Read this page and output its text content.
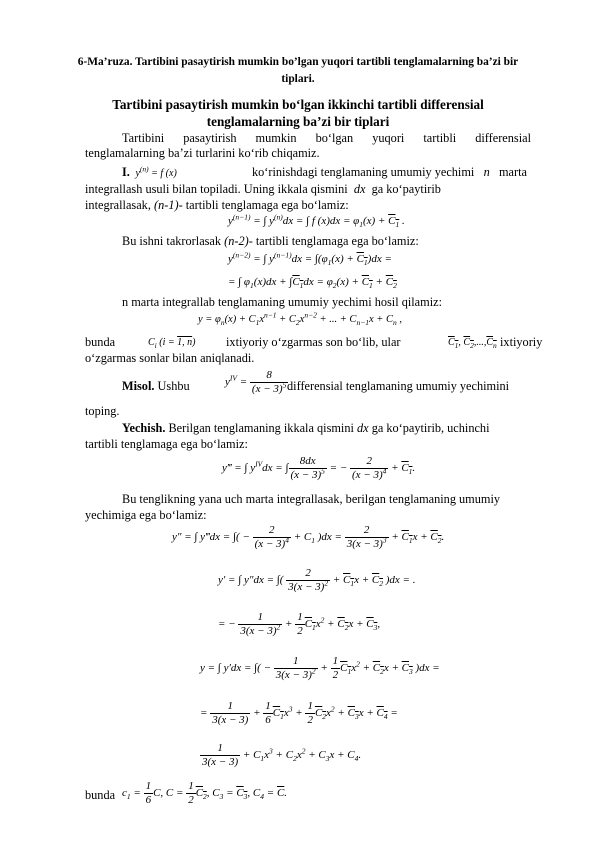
6-Ma’ruza. Tartibini pasaytirish mumkin bo’lgan yuqori tartibli tenglamalarning ba’zi bir
tiplari.
Tartibini pasaytirish mumkin bo‘lgan ikkinchi tartibli differensial
tenglamalarning ba’zi bir tiplari
Tartibini pasaytirish mumkin bo‘lgan yuqori tartibli differensial
tenglamalarning ba’zi turlarini ko‘rib chiqamiz.
I.  $y^{(n)} = f$ (x)	ko‘rinishdagi tenglamaning umumiy yechimi n marta
integrallash usuli bilan topiladi. Uning ikkala qismini dx ga ko‘paytirib
integrallasak, (n-1)- tartibli tenglamaga ega bo‘lamiz:
$y^{(n-1)}$ = ∫ $y^{(n)}dx$ = ∫ f $(x)dx = \varphi_1(x) + C_1$ .
Bu ishni takrorlasak (n-2)- tartibli tenglamaga ega bo‘lamiz:
$y^{(n-2)}$ = ∫ $y^{(n-1)}dx = \int(\varphi_1(x) + C_1)dx$ =
= ∫ $\varphi_1(x)dx + \int C_1dx = \varphi_2(x) + C_1 + C_2$
n marta integrallab tenglamaning umumiy yechimi hosil qilamiz:
$y = \varphi_n(x) + C_1x^{n-1} + C_2x^{n-2}$ + ... + $C_{n-1}x + C_n$ ,
bunda	$C_i$ (i = 1, n) ixtiyoriy o‘zgarmas son bo‘lib, ular	$C_1$, $C_2,...,C_n$ ixtiyoriy
o‘zgarmas sonlar bilan aniqlanadi.
Misol. Ushbu	$y^{IV} = \frac{8}{(x - 3)^5}$
differensial tenglamaning umumiy yechimini
toping.
Yechish. Berilgan tenglamaning ikkala qismini dx ga ko‘paytirib, uchinchi
tartibli tenglamaga ega bo‘lamiz:
y‴ = ∫ $y^{IV}dx$ = ∫ $\frac{8dx}{(x - 3)^5}$ = − $\frac{2}{(x - 3)^4} + C_1$.
Bu tenglikning yana uch marta integrallasak, berilgan tenglamaning umumiy
yechimiga ega bo‘lamiz:
y″ = ∫ y‴dx = ∫( − $\frac{2}{(x - 3)^4} + C_1$ )$dx = \frac{2}{3(x - 3)^3} + C_1x + C_2$.
y′ = ∫ y″dx = ∫( $\frac{2}{3(x - 3)^2} + C_1x + C_2$ )dx = .
= − $\frac{1}{3(x - 3)^2} + \frac{1}{2} C_1x^2 + C_2x + C_3$,
y = ∫ y′dx = ∫( − $\frac{1}{3(x - 3)^2} + \frac{1}{2} C_1x^2 + C_2x + C_3$ )dx =
= $\frac{1}{3(x - 3)} + \frac{1}{6} C_1x^3 + \frac{1}{2} C_2x^2 + C_3x + C_4$ =
$\frac{1}{3(x - 3)} + C_1x^3 + C_2x^2 + C_3x + C_4$.
bunda $c_1 = \frac{1}{6} C$, $C = \frac{1}{2} C_2$, $C_3 = C_3$, $C_4 = \overline{C}$.
